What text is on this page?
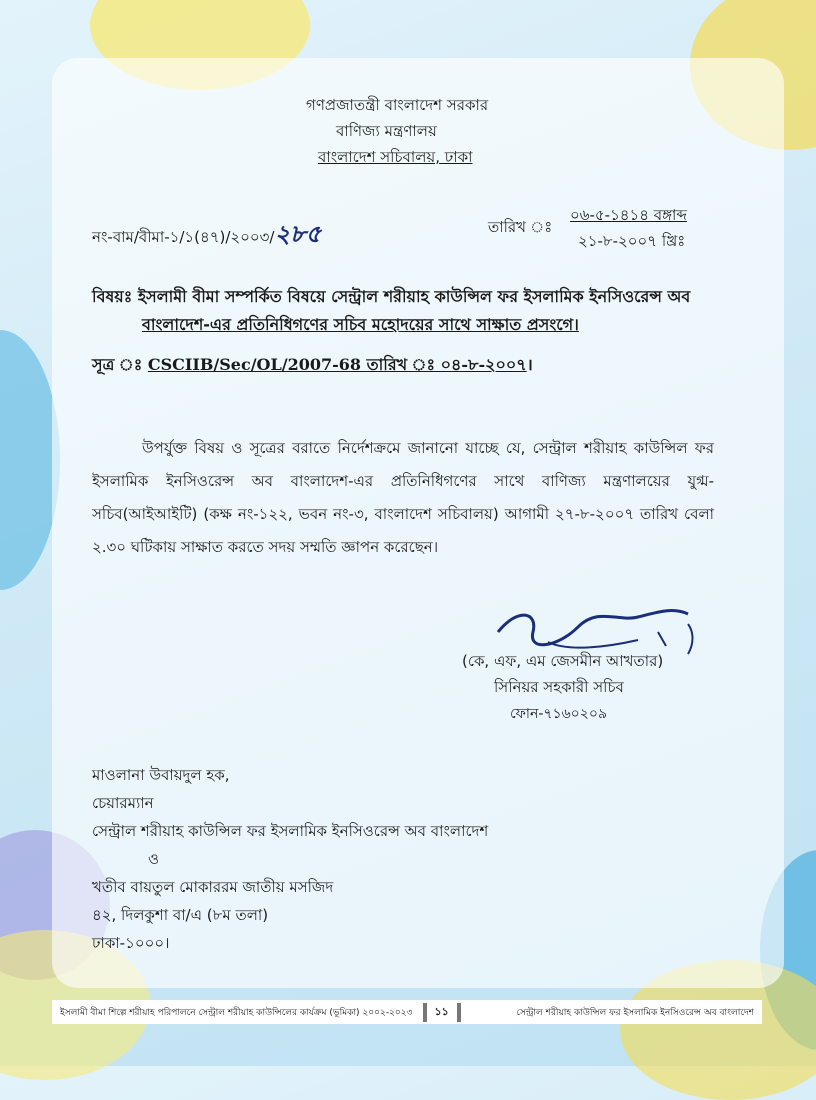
গণপ্রজাতন্ত্রী বাংলাদেশ সরকার
বাণিজ্য মন্ত্রণালয়
বাংলাদেশ সচিবালয়, ঢাকা
নং-বাম/বীমা-১/১(৪৭)/২০০৩/২৮৫	তারিখ ঃ
০৬-৫-১৪১৪ বঙ্গাব্দ
২১-৮-২০০৭ খ্রিঃ
বিষয়ঃ ইসলামী বীমা সম্পর্কিত বিষয়ে সেন্ট্রাল শরীয়াহ কাউন্সিল ফর ইসলামিক ইনসিওরেন্স অব
বাংলাদেশ-এর প্রতিনিধিগণের সচিব মহোদয়ের সাথে সাক্ষাত প্রসংগে।
সূত্র ঃ CSCIIB/Sec/OL/2007-68 তারিখ ঃ ০৪-৮-২০০৭।
উপর্যুক্ত বিষয় ও সূত্রের বরাতে নির্দেশক্রমে জানানো যাচ্ছে যে, সেন্ট্রাল শরীয়াহ কাউন্সিল ফর ইসলামিক ইনসিওরেন্স অব বাংলাদেশ-এর প্রতিনিধিগণের সাথে বাণিজ্য মন্ত্রণালয়ের যুগ্ম-সচিব(আইআইটি) (কক্ষ নং-১২২, ভবন নং-৩, বাংলাদেশ সচিবালয়) আগামী ২৭-৮-২০০৭ তারিখ বেলা ২.৩০ ঘটিকায় সাক্ষাত করতে সদয় সম্মতি জ্ঞাপন করেছেন।
(কে, এফ, এম জেসমীন আখতার)
সিনিয়র সহকারী সচিব
ফোন-৭১৬০২০৯
মাওলানা উবায়দুল হক,
চেয়ারম্যান
সেন্ট্রাল শরীয়াহ কাউন্সিল ফর ইসলামিক ইনসিওরেন্স অব বাংলাদেশ
ও
খতীব বায়তুল মোকাররম জাতীয় মসজিদ
৪২, দিলকুশা বা/এ (৮ম তলা)
ঢাকা-১০০০।
ইসলামী বীমা শিল্পে শরীয়াহ পরিপালনে সেন্ট্রাল শরীয়াহ কাউন্সিলের কার্যক্রম (ভূমিকা) ২০০২-২০২৩	১১	সেন্ট্রাল শরীয়াহ কাউন্সিল ফর ইসলামিক ইনসিওরেন্স অব বাংলাদেশ
